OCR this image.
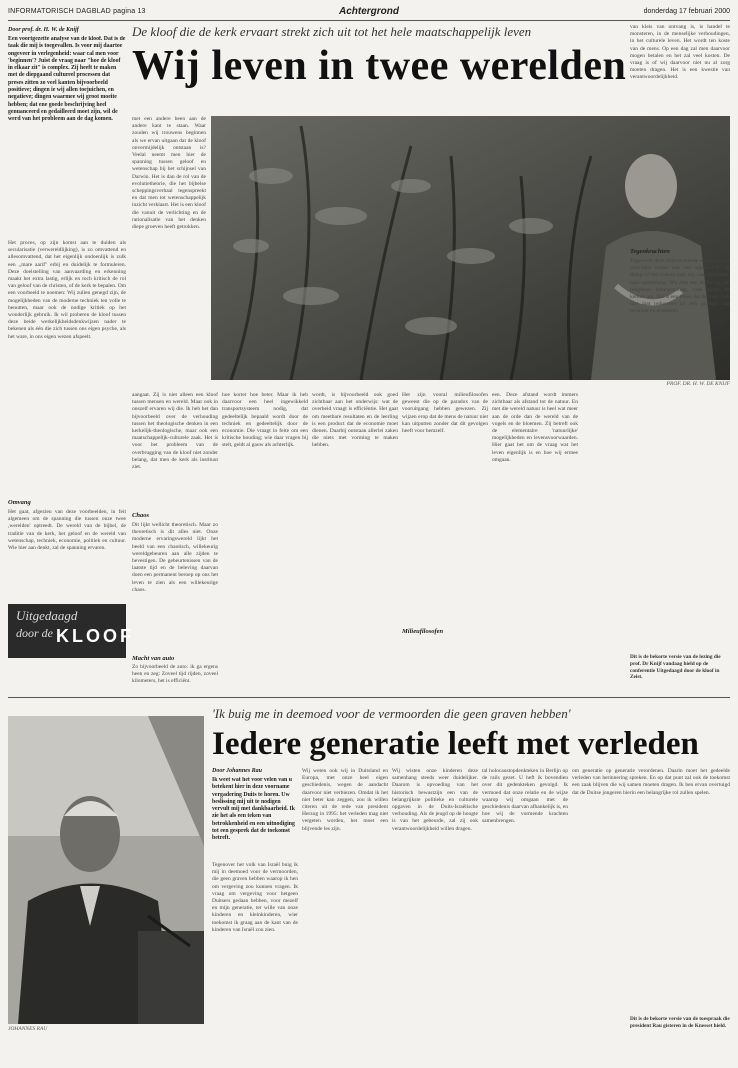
INFORMATORISCH DAGBLAD pagina 13	Achtergrond	donderdag 17 februari 2000
De kloof die de kerk ervaart strekt zich uit tot het hele maatschappelijk leven
Wij leven in twee werelden
Door prof. dr. H. W. de Knijf
Een voortgezette analyse van de kloof. Dat is de taak die mij is toegevallen. Is voor mij daartoe ongeveer in verlegenheid: waar cal men voor 'beginnen'? Juist de vraag naar "hoe de kloof in elkaar zit" is complex. Zij heeft te maken met de diepgaand cultureel processen dat preses zitten zo veel kanten bijvoorbeeld positieve; dingen ie wij allen toejuichen, en negatieve; dingen waarmee wij groot moeite hebben; dat ene goede beschrijving heel genuanceerd en gedailleerd moet zijn, wil de werd van het probleem aan de dag komen.
Het proces, op zijn komst aan te duiden als secularisatie (verwereldlijking), is zo omvattend en allesomvattend, dat het eigenlijk ondoenlijk is zulk een ,,mare aarif" erbij en duidelijk te formuleren. Deze doelstelling van aanvaarding en erkenning maakt het extra lastig, erlijk en toch kritisch de rol van geloof van de christen, of de kerk te bepalen. Om een voorbeeld te noemen: Wij zullen genegd zijn, de mogelijkheden van de moderne techniek ten volle te benutten, maar ook de nodige kritiek op het wonderlijk gebruik. Ik wil proberen de kloof tussen deze beide werkelijkheidsdenkwijzen nader te bekenen als één die zich tussen ons eigen psyche, als het ware, in ons eigen wezen afspeelt.
Omvang
Het gaat, afgezien van deze voorbeelden, in feit algemeen om de spanning die tussen onze twee ,werelden' optreedt. De wereld van de bijbel, de traditie van de kerk, het geloof en de wereld van wetenschap, techniek, economie, politiek en cultuur. Wie hier aan denkt, zal de spanning ervaren.
Uitgedaagd
door de KLOOF
PROF. DR. H. W. DE KNIJF
met een andere been aan de andere kant te staan. Waar zouden wij trouwens beginnen als we ervan uitgaan dat de kloof onvermijdelijk ontstaan is? Veelal neemt men hier de spanning tussen geloof en wetenschap bij het schijnsel van Darwin. Het is dan de rol van de evolutietheorie, die het bijbelse scheppingsverhaal tegenspreekt en dat men tot wetenschappelijk inzicht verklaart. Het is een kloof die vanuit de verlichting en de rationalisatie van het denken diepe groeven heeft getrokken.
aangaat. Zij is niet alleen een kloof tussen mensen en wereld. Maar ook in onszelf ervaren wij die. Ik heb het dan bijvoorbeeld over de verhouding tussen het theologische denken in een kerkelijk-theologische, maar ook een maatschappelijk-culturele zaak. Het is voor het probleem van de overbrugging van de kloof niet zonder belang, dat men de kerk als instituut ziet.
Chaos
Dit lijkt wellicht theoretisch. Maar zo theoretisch is dit alles niet. Onze moderne ervaringswereld lijkt het beeld van een chaotisch, willekeurig wereldgebeuren aan alle zijden te bevestigen. De gebeurtenissen van de laatste tijd en de beleving daarvan doen een permanent beroep op ons het leven te zien als een willekeurige chaos.
Macht van auto
Zo bijvoorbeeld de auto: ik ga ergens heen en zeg: Zoveel tijd rijden, zoveel kilometers, het is efficiënt.
hoe korter hoe beter. Maar ik heb daarvoor een heel ingewikkeld transportsysteem nodig, dat gedeeltelijk bepaald wordt door de techniek en gedeeltelijk door de economie. Die vraagt in feite om een kritische houding; wie daar vragen bij stelt, geldt al gauw als achterlijk.
wordt, is bijvoorbeeld ook goed zichtbaar aan het onderwijs: wat de overheid vraagt is efficiëntie. Het gaat om meetbare resultaten en de leerling is een product dat de economie moet dienen. Daarbij ontstaan allerlei zaken die niets met vorming te maken hebben.
Het zijn vooral milieufilosofen geweest die op de paradox van de vooruitgang hebben gewezen. Zij wijzen erop dat de mens de natuur niet kan uitputten zonder dat dit gevolgen heeft voor hemzelf.
Milieufilosofen
een. Deze afstand wordt immers zichtbaar als afstand tot de natuur. En met die wereld natuur is heel wat meer aan de orde dan de wereld van de vogels en de bloemen. Zij betreft ook de elementaire 'natuurlijke' mogelijkheden en levensvoorwaarden. Hier gaat het om de vraag wat het leven eigenlijk is en hoe wij ermee omgaan.
van kleis van ontvang is, is handel te monsteren, in de menselijke verhoudingen, in het culturele leven. Het wordt ten koste van de mens. Op een dag zal men daarvoor mogen betalen en het zal veel kosten. De vraag is of wij daarvoor niet nu al zorg moeten dragen. Het is een kwestie van verantwoordelijkheid.
Tegenkrachten
Dit is de bekorte versie van de lezing die prof. Dr Knijf vandaag hield op de conferentie Uitgedaagd door de kloof in Zeist.
'Ik buig me in deemoed voor de vermoorden die geen graven hebben'
Iedere generatie leeft met verleden
JOHANNES RAU
Door Johannes Rau
Ik weet wat het voor velen van u betekent hier in deze voorname vergadering Duits te horen. Uw beslissing mij uit te nodigen vervult mij met dankbaarheid. Ik zie het als een teken van betrokkenheid en een uitnodiging tot een gesprek dat de toekomst betreft.
Tegenover het volk van Israël buig ik mij in deemoed voor de vermoorden, die geen graven hebben waarop ik hen om vergeving zou kunnen vragen. Ik vraag om vergeving voor hetgeen Duitsers gedaan hebben, voor mezelf en mijn generatie, ter wille van onze kinderen en kleinkinderen, wier toekomst ik graag aan de kant van de kinderen van Israël zou zien.
Wij weten ook wij in Duitsland en Europa, met onze heel eigen geschiedenis, wegen de aandacht daarvoor niet verbiezen. Omdat ik het niet beter kan zeggen, zou ik willen citeren uit de rede van president Herzog in 1995: het verleden mag niet vergeten worden, het moet een blijvende les zijn.
Wij wisten onze kinderen deze samenhang steeds weer duidelijker. Daarom is opvoeding van het historisch bewustzijn een van de belangrijkste politieke en culturele opgaven in de Duits-Israëlische verhouding. Als de jeugd op de hoogte is van het gebeurde, zal zij ook verantwoordelijkheid willen dragen.
tal holocaustopdenkteken in Berlijn op de rails gezet. U heft ik bovendien over dit gedenkteken gevolgd. Ik vermoed dat onze relatie en de wijze waarop wij omgaan met de geschiedenis daarvan afhankelijk is, en hoe wij de vormende krachten samenbrengen.
om generatie op generatie verordenen. Daarin moet het gedeelde verleden van herinnering spreken. En op dat punt zal ook de toekomst een zaak blijven die wij samen moeten dragen. Ik ben ervan overtuigd dat de Duitse jongeren hierin een belangrijke rol zullen spelen.
Dit is de bekorte versie van de toespraak die president Rau gisteren in de Knesset hield.
Tegenover deze objectiverende werkelijkheid verschijnt echter ook een tegenkracht: de drang tot het zoeken naar zin, naar betekenis, naar samenhang. Wij zien een herleving van religieuze belangstelling, vaak buiten de kerken om. Dat is een teken dat de mens zich niet laat reduceren tot een product van techniek en economie.
